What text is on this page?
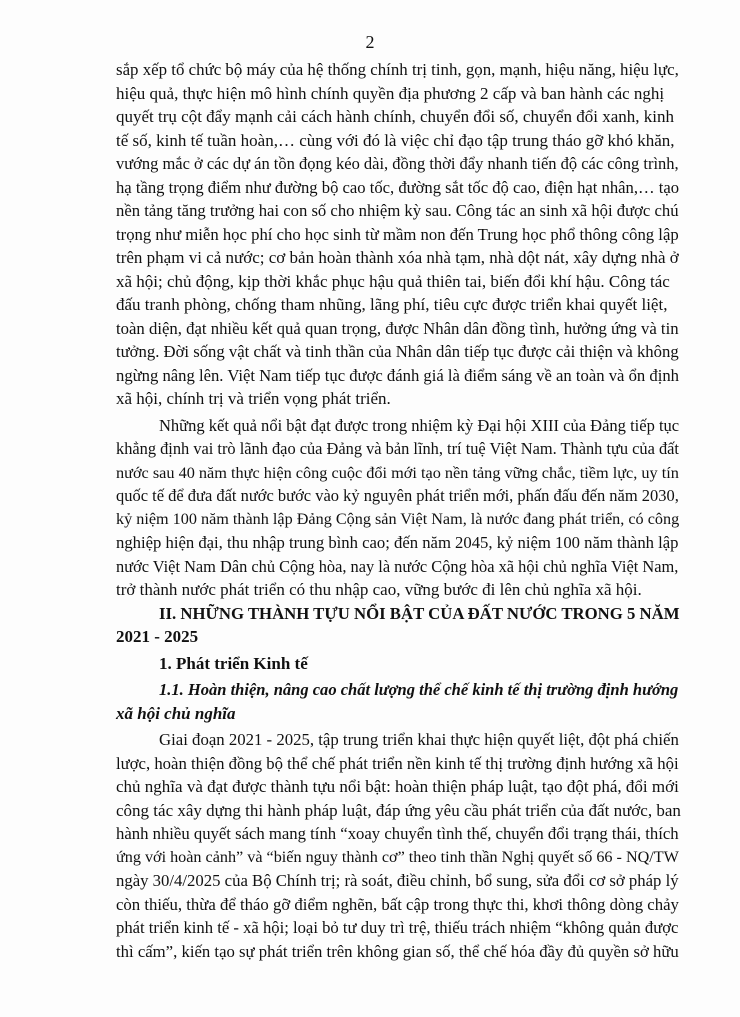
2
sắp xếp tổ chức bộ máy của hệ thống chính trị tinh, gọn, mạnh, hiệu năng, hiệu lực,
hiệu quả, thực hiện mô hình chính quyền địa phương 2 cấp và ban hành các nghị
quyết trụ cột đẩy mạnh cải cách hành chính, chuyển đổi số, chuyển đổi xanh, kinh
tế số, kinh tế tuần hoàn,… cùng với đó là việc chỉ đạo tập trung tháo gỡ khó khăn,
vướng mắc ở các dự án tồn đọng kéo dài, đồng thời đẩy nhanh tiến độ các công trình,
hạ tầng trọng điểm như đường bộ cao tốc, đường sắt tốc độ cao, điện hạt nhân,… tạo
nền tảng tăng trưởng hai con số cho nhiệm kỳ sau. Công tác an sinh xã hội được chú
trọng như miễn học phí cho học sinh từ mầm non đến Trung học phổ thông công lập
trên phạm vi cả nước; cơ bản hoàn thành xóa nhà tạm, nhà dột nát, xây dựng nhà ở
xã hội; chủ động, kịp thời khắc phục hậu quả thiên tai, biến đổi khí hậu. Công tác
đấu tranh phòng, chống tham nhũng, lãng phí, tiêu cực được triển khai quyết liệt,
toàn diện, đạt nhiều kết quả quan trọng, được Nhân dân đồng tình, hưởng ứng và tin
tưởng. Đời sống vật chất và tinh thần của Nhân dân tiếp tục được cải thiện và không
ngừng nâng lên. Việt Nam tiếp tục được đánh giá là điểm sáng về an toàn và ổn định
xã hội, chính trị và triển vọng phát triển.
Những kết quả nổi bật đạt được trong nhiệm kỳ Đại hội XIII của Đảng tiếp tục
khẳng định vai trò lãnh đạo của Đảng và bản lĩnh, trí tuệ Việt Nam. Thành tựu của đất
nước sau 40 năm thực hiện công cuộc đổi mới tạo nền tảng vững chắc, tiềm lực, uy tín
quốc tế để đưa đất nước bước vào kỷ nguyên phát triển mới, phấn đấu đến năm 2030,
kỷ niệm 100 năm thành lập Đảng Cộng sản Việt Nam, là nước đang phát triển, có công
nghiệp hiện đại, thu nhập trung bình cao; đến năm 2045, kỷ niệm 100 năm thành lập
nước Việt Nam Dân chủ Cộng hòa, nay là nước Cộng hòa xã hội chủ nghĩa Việt Nam,
trở thành nước phát triển có thu nhập cao, vững bước đi lên chủ nghĩa xã hội.
II. NHỮNG THÀNH TỰU NỔI BẬT CỦA ĐẤT NƯỚC TRONG 5 NĂM
2021 - 2025
1. Phát triển Kinh tế
1.1. Hoàn thiện, nâng cao chất lượng thể chế kinh tế thị trường định hướng
xã hội chủ nghĩa
Giai đoạn 2021 - 2025, tập trung triển khai thực hiện quyết liệt, đột phá chiến
lược, hoàn thiện đồng bộ thể chế phát triển nền kinh tế thị trường định hướng xã hội
chủ nghĩa và đạt được thành tựu nổi bật: hoàn thiện pháp luật, tạo đột phá, đổi mới
công tác xây dựng thi hành pháp luật, đáp ứng yêu cầu phát triển của đất nước, ban
hành nhiều quyết sách mang tính “xoay chuyển tình thế, chuyển đổi trạng thái, thích
ứng với hoàn cảnh” và “biến nguy thành cơ” theo tinh thần Nghị quyết số 66 - NQ/TW
ngày 30/4/2025 của Bộ Chính trị; rà soát, điều chỉnh, bổ sung, sửa đổi cơ sở pháp lý
còn thiếu, thừa để tháo gỡ điểm nghẽn, bất cập trong thực thi, khơi thông dòng chảy
phát triển kinh tế - xã hội; loại bỏ tư duy trì trệ, thiếu trách nhiệm “không quản được
thì cấm”, kiến tạo sự phát triển trên không gian số, thể chế hóa đầy đủ quyền sở hữu
